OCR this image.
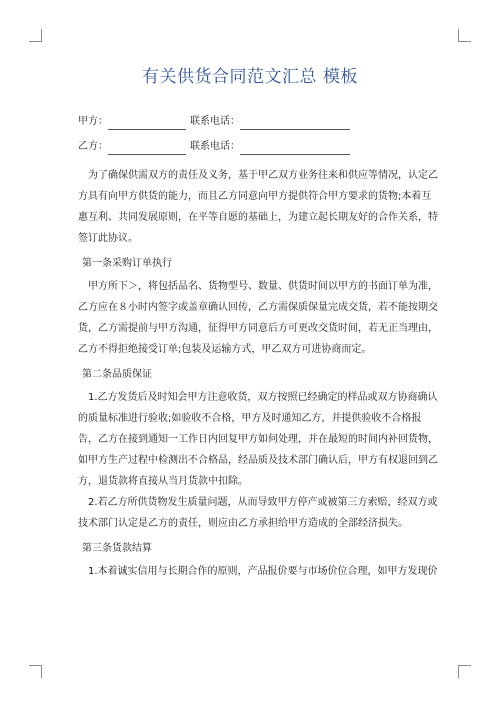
有关供货合同范文汇总 模板
甲方：	联系电话：
乙方：	联系电话：

为了确保供需双方的责任及义务，基于甲乙双方业务往来和供应等情况，认定乙方具有向甲方供货的能力，而且乙方同意向甲方提供符合甲方要求的货物;本着互惠互利、共同发展原则，在平等自愿的基础上，为建立起长期友好的合作关系，特签订此协议。

第一条采购订单执行

甲方所下＞，将包括品名、货物型号、数量、供货时间以甲方的书面订单为准，乙方应在８小时内签字或盖章确认回传，乙方需保质保量完成交货，若不能按期交货，乙方需提前与甲方沟通，征得甲方同意后方可更改交货时间，若无正当理由，乙方不得拒绝接受订单;包装及运输方式，甲乙双方可进协商而定。

第二条品质保证

1.乙方发货后及时知会甲方注意收货，双方按照已经确定的样品或双方协商确认的质量标准进行验收;如验收不合格，甲方及时通知乙方，并提供验收不合格报告，乙方在接到通知一工作日内回复甲方如何处理，并在最短的时间内补回货物，如甲方生产过程中检测出不合格品，经品质及技术部门确认后，甲方有权退回到乙方，退货款将直接从当月货款中扣除。

2.若乙方所供货物发生质量问题，从而导致甲方停产或被第三方索赔，经双方或技术部门认定是乙方的责任，则应由乙方承担给甲方造成的全部经济损失。

第三条货款结算

1.本着诚实信用与长期合作的原则，产品报价要与市场价位合理，如甲方发现价
